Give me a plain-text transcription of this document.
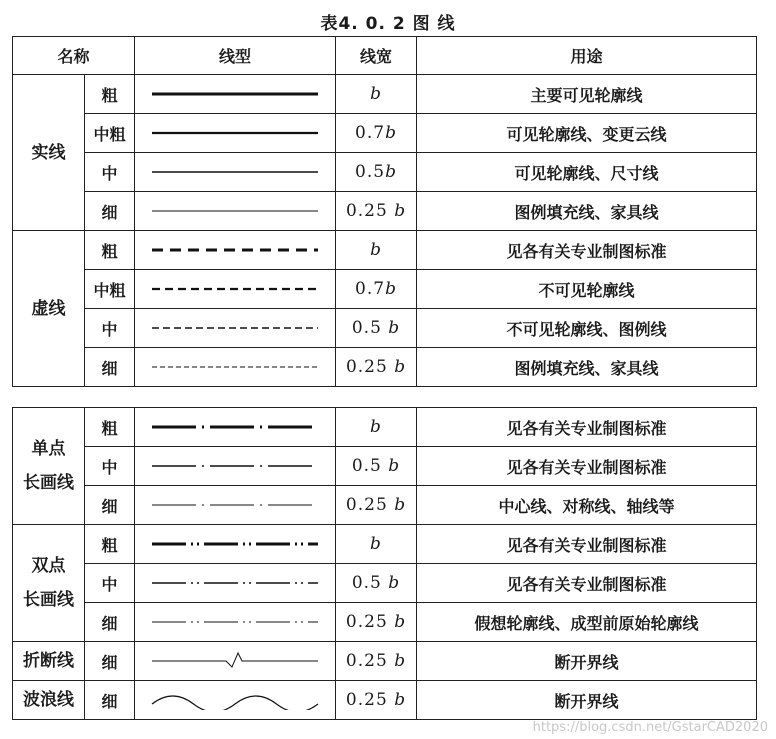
表4. 0. 2 图 线
名称		线型	线宽	用途
实线	粗		b	主要可见轮廓线
	中粗		0.7b	可见轮廓线、变更云线
	中		0.5b	可见轮廓线、尺寸线
	细		0.25 b	图例填充线、家具线
虚线	粗		b	见各有关专业制图标准
	中粗		0.7b	不可见轮廓线
	中		0.5 b	不可见轮廓线、图例线
	细		0.25 b	图例填充线、家具线
单点
长画线	粗		b	见各有关专业制图标准
	中		0.5 b	见各有关专业制图标准
	细		0.25 b	中心线、对称线、轴线等
双点
长画线	粗		b	见各有关专业制图标准
	中		0.5 b	见各有关专业制图标准
	细		0.25 b	假想轮廓线、成型前原始轮廓线
折断线	细		0.25 b	断开界线
波浪线	细		0.25 b	断开界线
https://blog.csdn.net/GstarCAD2020
